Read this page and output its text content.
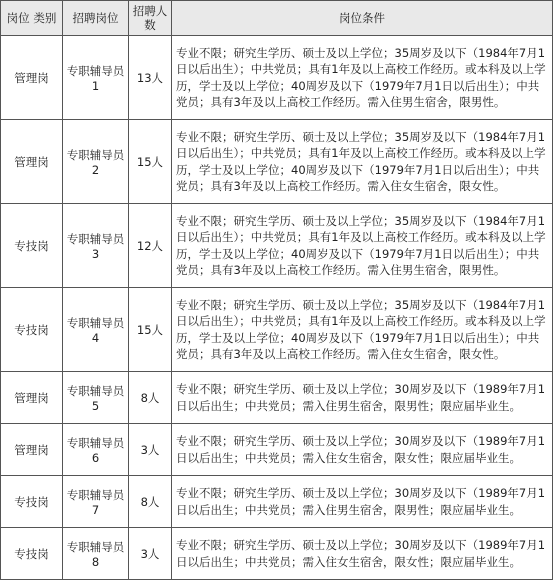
岗位 类别	招聘岗位	招聘人数	岗位条件
管理岗	专职辅导员1	13人	专业不限；研究生学历、硕士及以上学位；35周岁及以下（1984年7月1日以后出生）；中共党员；具有1年及以上高校工作经历。或本科及以上学历，学士及以上学位；40周岁及以下（1979年7月1日以后出生）；中共党员；具有3年及以上高校工作经历。需入住男生宿舍，限男性。
管理岗	专职辅导员2	15人	专业不限；研究生学历、硕士及以上学位；35周岁及以下（1984年7月1日以后出生）；中共党员；具有1年及以上高校工作经历。或本科及以上学历，学士及以上学位；40周岁及以下（1979年7月1日以后出生）；中共党员；具有3年及以上高校工作经历。需入住女生宿舍，限女性。
专技岗	专职辅导员3	12人	专业不限；研究生学历、硕士及以上学位；35周岁及以下（1984年7月1日以后出生）；中共党员；具有1年及以上高校工作经历。或本科及以上学历，学士及以上学位；40周岁及以下（1979年7月1日以后出生）；中共党员；具有3年及以上高校工作经历。需入住男生宿舍，限男性。
专技岗	专职辅导员4	15人	专业不限；研究生学历、硕士及以上学位；35周岁及以下（1984年7月1日以后出生）；中共党员；具有1年及以上高校工作经历。或本科及以上学历，学士及以上学位；40周岁及以下（1979年7月1日以后出生）；中共党员；具有3年及以上高校工作经历。需入住女生宿舍，限女性。
管理岗	专职辅导员5	8人	专业不限；研究生学历、硕士及以上学位；30周岁及以下（1989年7月1日以后出生；中共党员；需入住男生宿舍，限男性；限应届毕业生。
管理岗	专职辅导员6	3人	专业不限；研究生学历、硕士及以上学位；30周岁及以下（1989年7月1日以后出生；中共党员；需入住女生宿舍，限女性；限应届毕业生。
专技岗	专职辅导员7	8人	专业不限；研究生学历、硕士及以上学位；30周岁及以下（1989年7月1日以后出生；中共党员；需入住男生宿舍，限男性；限应届毕业生。
专技岗	专职辅导员8	3人	专业不限；研究生学历、硕士及以上学位；30周岁及以下（1989年7月1日以后出生；中共党员；需入住女生宿舍，限女性；限应届毕业生。
